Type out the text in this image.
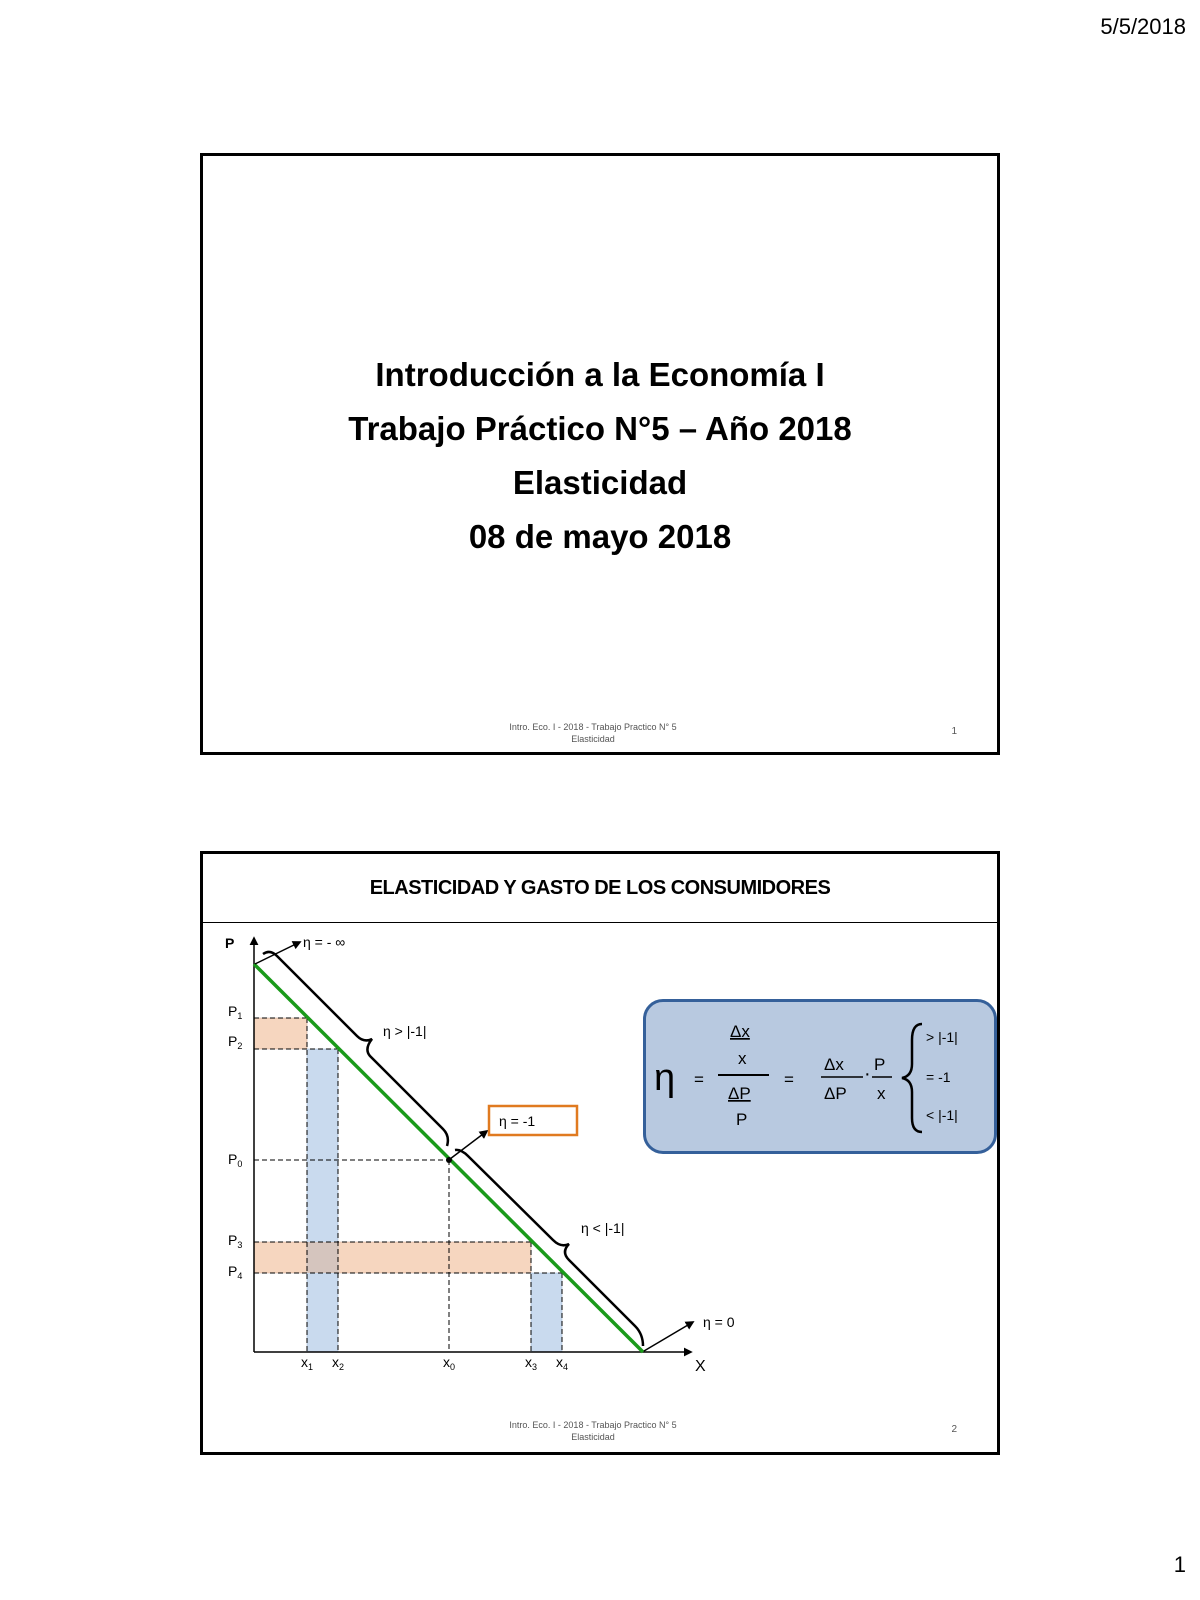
5/5/2018
Introducción a la Economía I
Trabajo Práctico N°5 – Año 2018
Elasticidad
08 de mayo 2018
Intro. Eco. I - 2018 - Trabajo Practico N° 5
Elasticidad
1
ELASTICIDAD Y GASTO DE LOS CONSUMIDORES
P
X
$P_1$
$P_2$
$P_0$
$P_3$
$P_4$
$x_1$ $x_2$	$x_0$	$x_3$ $x_4$
η = - ∞
η > |-1|
η = -1
η < |-1|
η = 0
η =
Δx
x
ΔP
P
=
Δx
ΔP
· P
x
> |-1|
= -1
< |-1|
Intro. Eco. I - 2018 - Trabajo Practico N° 5
Elasticidad
2
1
